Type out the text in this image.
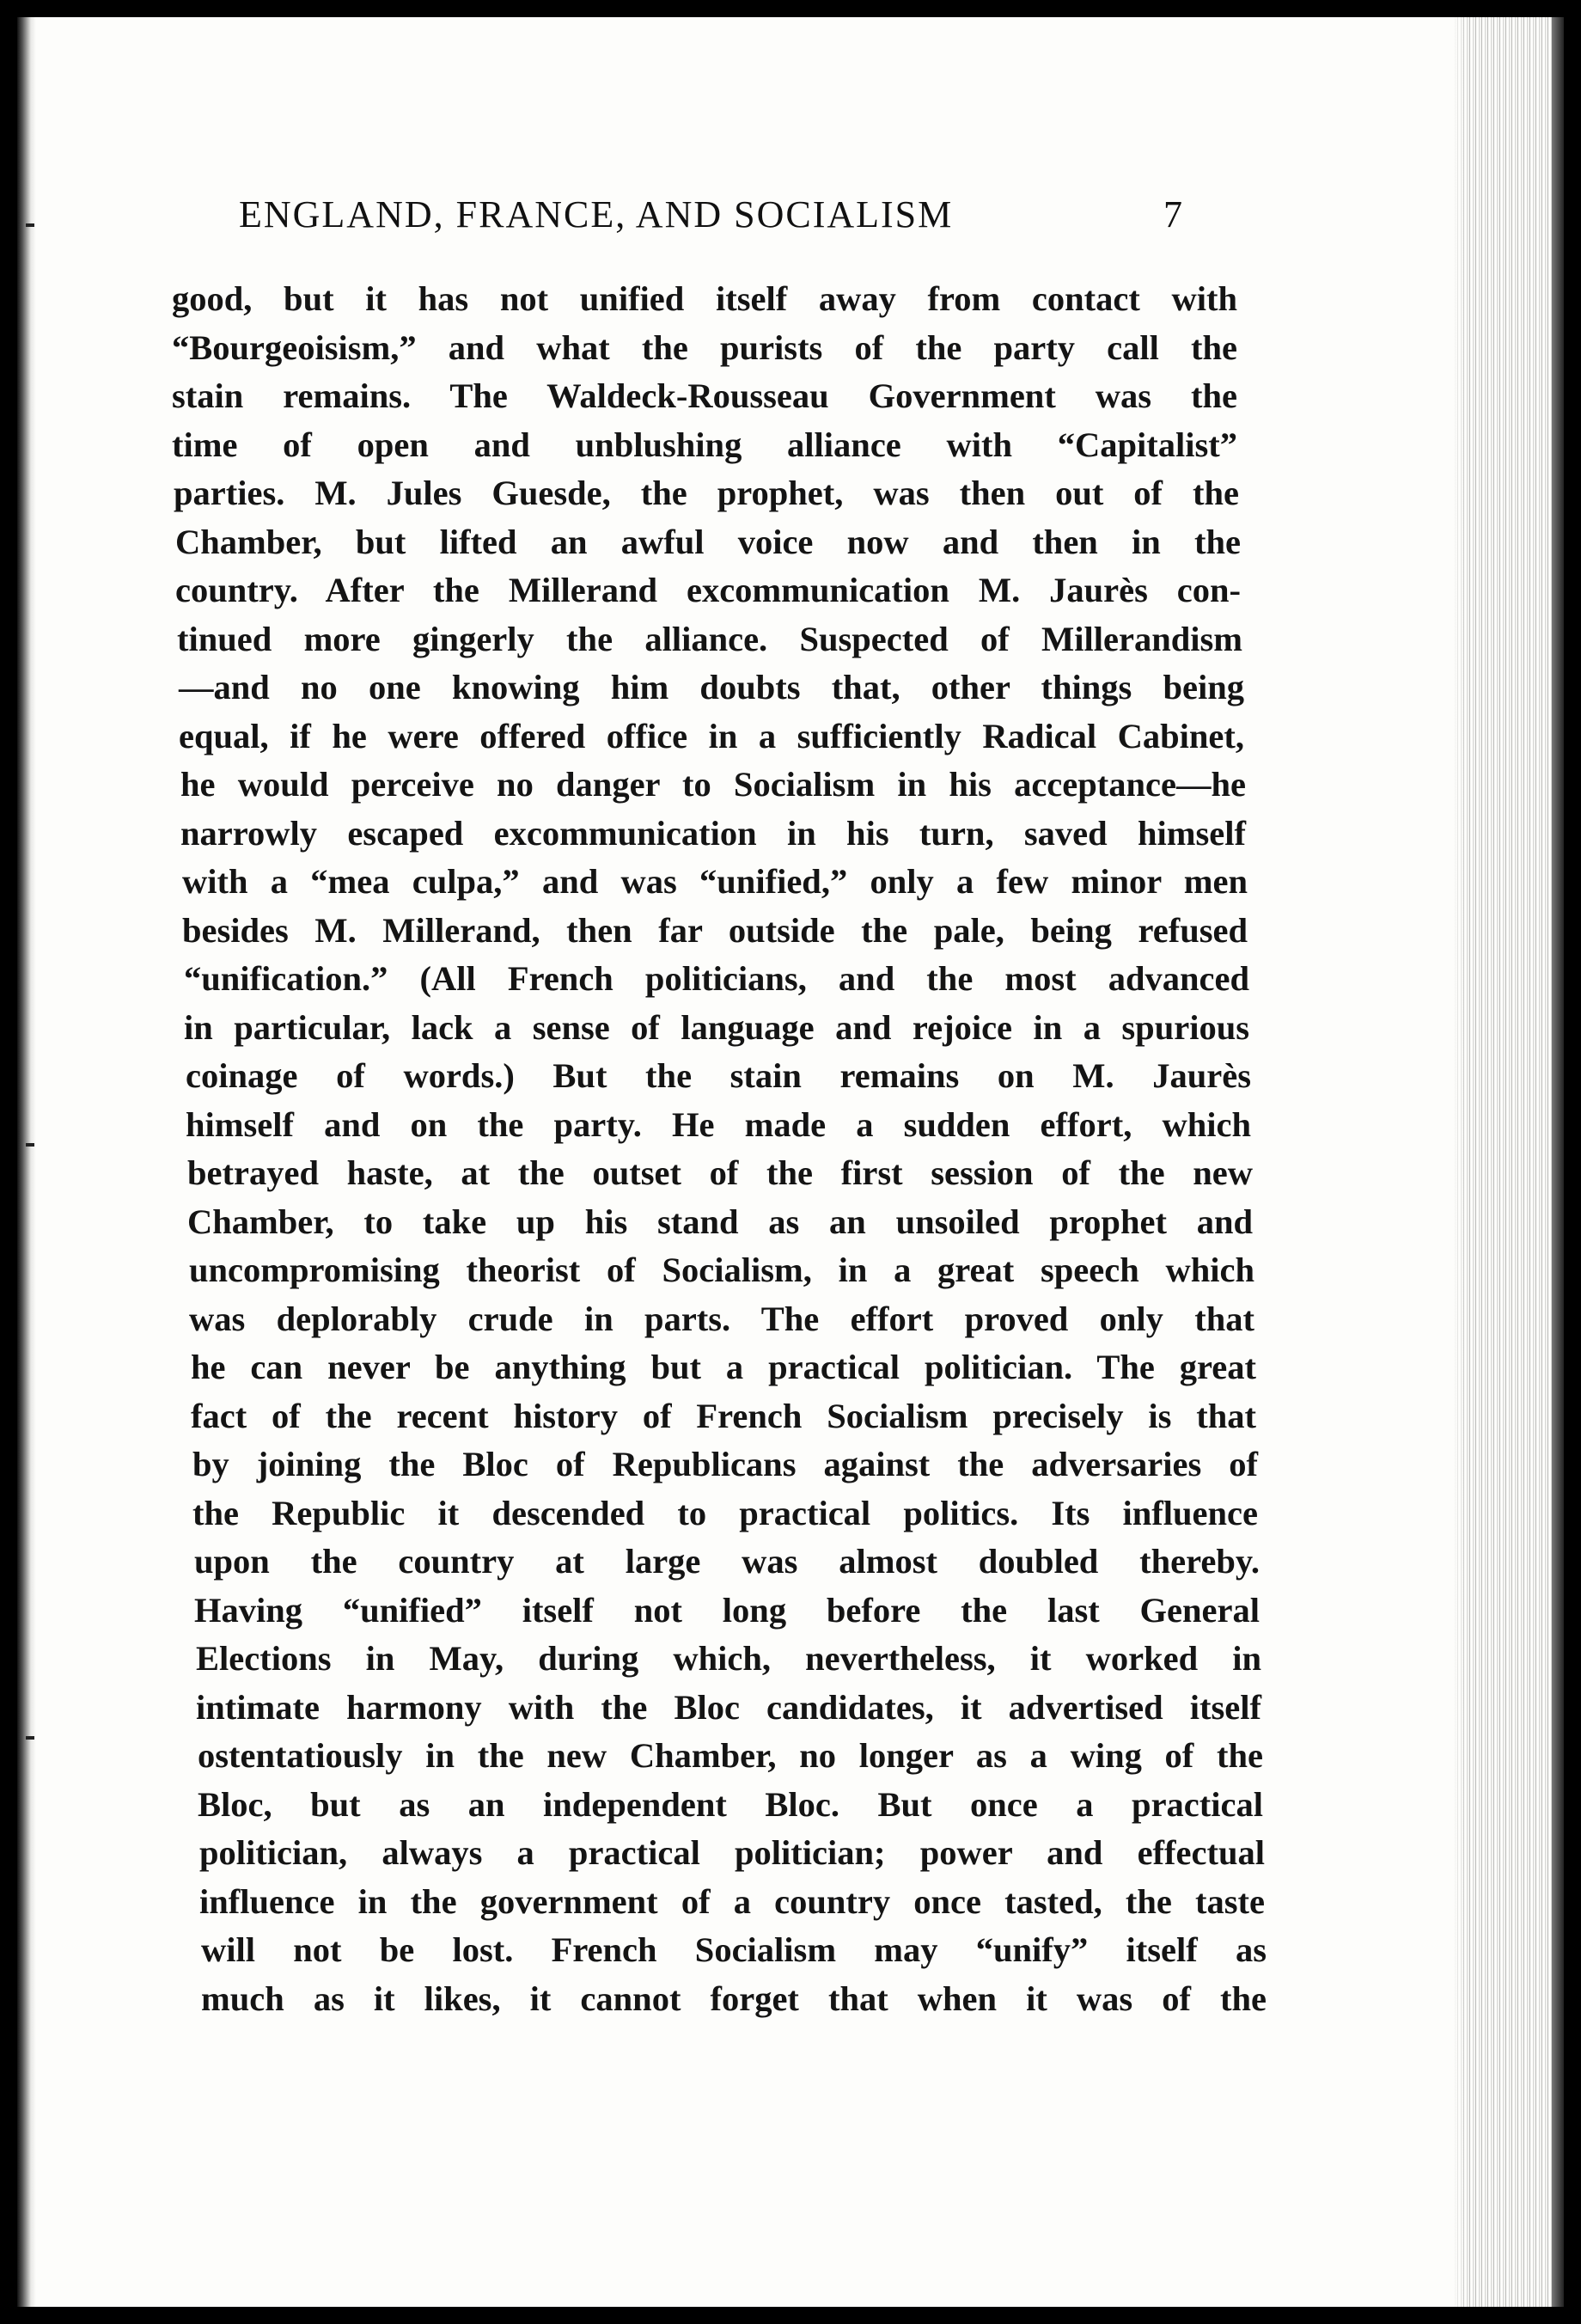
ENGLAND, FRANCE, AND SOCIALISM	7
good, but it has not unified itself away from contact with
“Bourgeoisism,” and what the purists of the party call the
stain remains. The Waldeck-Rousseau Government was the
time of open and unblushing alliance with “Capitalist”
parties. M. Jules Guesde, the prophet, was then out of the
Chamber, but lifted an awful voice now and then in the
country. After the Millerand excommunication M. Jaurès con-
tinued more gingerly the alliance. Suspected of Millerandism
—and no one knowing him doubts that, other things being
equal, if he were offered office in a sufficiently Radical Cabinet,
he would perceive no danger to Socialism in his acceptance—he
narrowly escaped excommunication in his turn, saved himself
with a “mea culpa,” and was “unified,” only a few minor men
besides M. Millerand, then far outside the pale, being refused
“unification.” (All French politicians, and the most advanced
in particular, lack a sense of language and rejoice in a spurious
coinage of words.) But the stain remains on M. Jaurès
himself and on the party. He made a sudden effort, which
betrayed haste, at the outset of the first session of the new
Chamber, to take up his stand as an unsoiled prophet and
uncompromising theorist of Socialism, in a great speech which
was deplorably crude in parts. The effort proved only that
he can never be anything but a practical politician. The great
fact of the recent history of French Socialism precisely is that
by joining the Bloc of Republicans against the adversaries of
the Republic it descended to practical politics. Its influence
upon the country at large was almost doubled thereby.
Having “unified” itself not long before the last General
Elections in May, during which, nevertheless, it worked in
intimate harmony with the Bloc candidates, it advertised itself
ostentatiously in the new Chamber, no longer as a wing of the
Bloc, but as an independent Bloc. But once a practical
politician, always a practical politician; power and effectual
influence in the government of a country once tasted, the taste
will not be lost. French Socialism may “unify” itself as
much as it likes, it cannot forget that when it was of the
